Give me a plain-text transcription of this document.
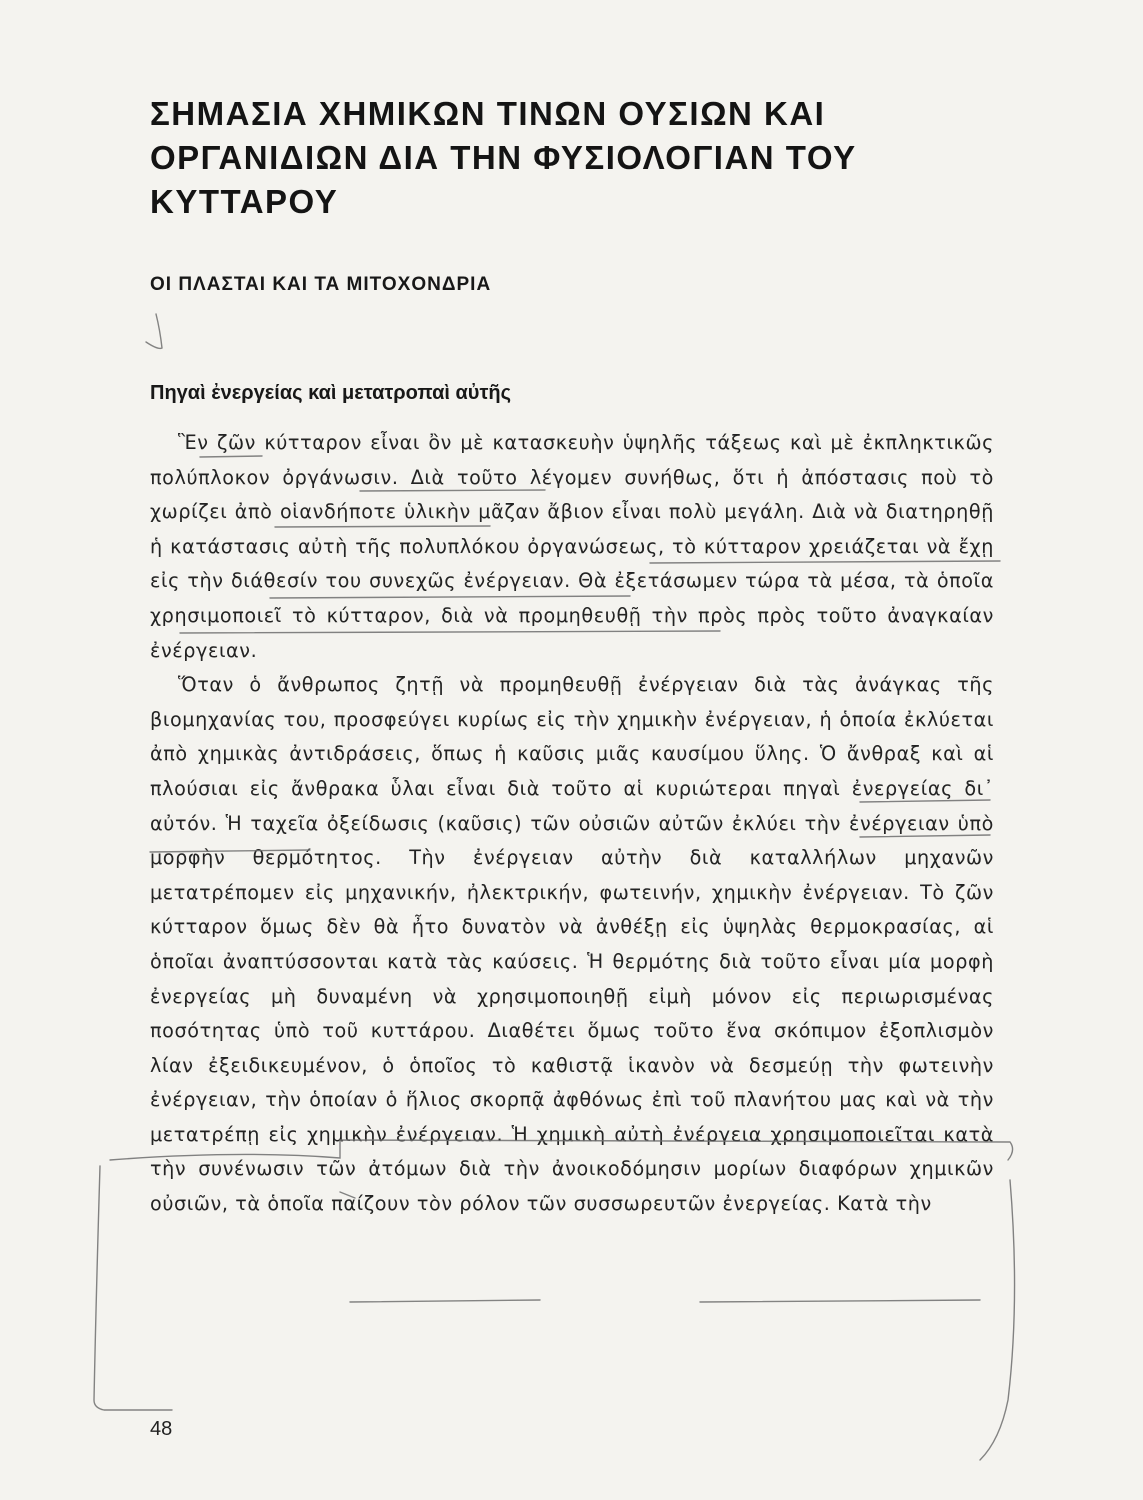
ΣΗΜΑΣΙΑ ΧΗΜΙΚΩΝ ΤΙΝΩΝ ΟΥΣΙΩΝ ΚΑΙ ΟΡΓΑΝΙΔΙΩΝ ΔΙΑ ΤΗΝ ΦΥΣΙΟΛΟΓΙΑΝ ΤΟΥ ΚΥΤΤΑΡΟΥ
ΟΙ ΠΛΑΣΤΑΙ ΚΑΙ ΤΑ ΜΙΤΟΧΟΝΔΡΙΑ
Πηγαὶ ἐνεργείας καὶ μετατροπαὶ αὐτῆς

Ἓν ζῶν κύτταρον εἶναι ὂν μὲ κατασκευὴν ὑψηλῆς τάξεως καὶ μὲ ἐκπληκτικῶς πολύπλοκον ὀργάνωσιν. Διὰ τοῦτο λέγομεν συνήθως, ὅτι ἡ ἀπόστασις ποὺ τὸ χωρίζει ἀπὸ οἱανδήποτε ὑλικὴν μᾶζαν ἄβιον εἶναι πολὺ μεγάλη. Διὰ νὰ διατηρηθῇ ἡ κατάστασις αὐτὴ τῆς πολυπλόκου ὀργανώσεως, τὸ κύτταρον χρειάζεται νὰ ἔχῃ εἰς τὴν διάθεσίν του συνεχῶς ἐνέργειαν. Θὰ ἐξετάσωμεν τώρα τὰ μέσα, τὰ ὁποῖα χρησιμοποιεῖ τὸ κύτταρον, διὰ νὰ προμηθευθῇ τὴν πρὸς πρὸς τοῦτο ἀναγκαίαν ἐνέργειαν.

Ὅταν ὁ ἄνθρωπος ζητῇ νὰ προμηθευθῇ ἐνέργειαν διὰ τὰς ἀνάγκας τῆς βιομηχανίας του, προσφεύγει κυρίως εἰς τὴν χημικὴν ἐνέργειαν, ἡ ὁποία ἐκλύεται ἀπὸ χημικὰς ἀντιδράσεις, ὅπως ἡ καῦσις μιᾶς καυσίμου ὕλης. Ὁ ἄνθραξ καὶ αἱ πλούσιαι εἰς ἄνθρακα ὗλαι εἶναι διὰ τοῦτο αἱ κυριώτεραι πηγαὶ ἐνεργείας δι᾽ αὐτόν. Ἡ ταχεῖα ὀξείδωσις (καῦσις) τῶν οὐσιῶν αὐτῶν ἐκλύει τὴν ἐνέργειαν ὑπὸ μορφὴν θερμότητος. Τὴν ἐνέργειαν αὐτὴν διὰ καταλλήλων μηχανῶν μετατρέπομεν εἰς μηχανικήν, ἠλεκτρικήν, φωτεινήν, χημικὴν ἐνέργειαν. Τὸ ζῶν κύτταρον ὅμως δὲν θὰ ἦτο δυνατὸν νὰ ἀνθέξῃ εἰς ὑψηλὰς θερμοκρασίας, αἱ ὁποῖαι ἀναπτύσσονται κατὰ τὰς καύσεις. Ἡ θερμότης διὰ τοῦτο εἶναι μία μορφὴ ἐνεργείας μὴ δυναμένη νὰ χρησιμοποιηθῇ εἰμὴ μόνον εἰς περιωρισμένας ποσότητας ὑπὸ τοῦ κυττάρου. Διαθέτει ὅμως τοῦτο ἕνα σκόπιμον ἐξοπλισμὸν λίαν ἐξειδικευμένον, ὁ ὁποῖος τὸ καθιστᾷ ἱκανὸν νὰ δεσμεύῃ τὴν φωτεινὴν ἐνέργειαν, τὴν ὁποίαν ὁ ἥλιος σκορπᾷ ἀφθόνως ἐπὶ τοῦ πλανήτου μας καὶ νὰ τὴν μετατρέπῃ εἰς χημικὴν ἐνέργειαν. Ἡ χημικὴ αὐτὴ ἐνέργεια χρησιμοποιεῖται κατὰ τὴν συνένωσιν τῶν ἀτόμων διὰ τὴν ἀνοικοδόμησιν μορίων διαφόρων χημικῶν οὐσιῶν, τὰ ὁποῖα παίζουν τὸν ρόλον τῶν συσσωρευτῶν ἐνεργείας. Κατὰ τὴν

48
